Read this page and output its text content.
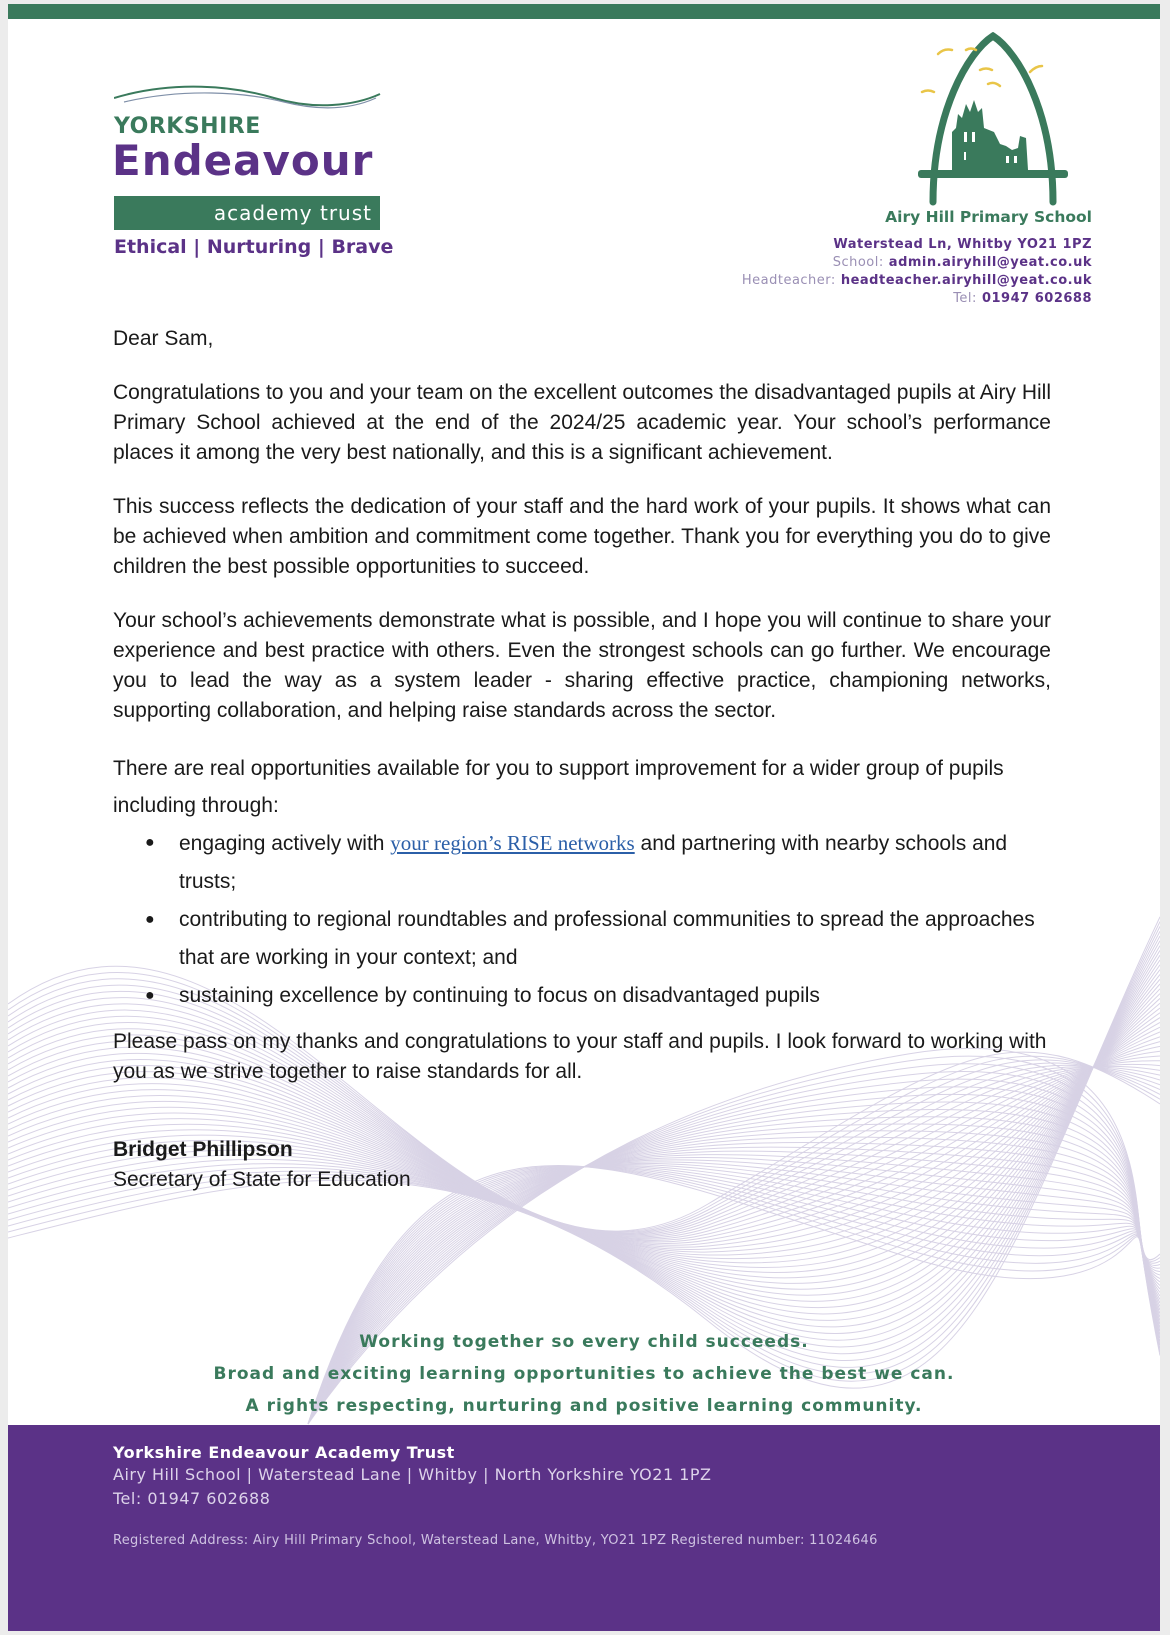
YORKSHIRE
Endeavour
academy trust
Ethical | Nurturing | Brave
Airy Hill Primary School
Waterstead Ln, Whitby YO21 1PZ
School: admin.airyhill@yeat.co.uk
Headteacher: headteacher.airyhill@yeat.co.uk
Tel: 01947 602688

Dear Sam,

Congratulations to you and your team on the excellent outcomes the disadvantaged pupils at Airy Hill Primary School achieved at the end of the 2024/25 academic year. Your school’s performance places it among the very best nationally, and this is a significant achievement.

This success reflects the dedication of your staff and the hard work of your pupils. It shows what can be achieved when ambition and commitment come together. Thank you for everything you do to give children the best possible opportunities to succeed.

Your school’s achievements demonstrate what is possible, and I hope you will continue to share your experience and best practice with others. Even the strongest schools can go further. We encourage you to lead the way as a system leader - sharing effective practice, championing networks, supporting collaboration, and helping raise standards across the sector.

There are real opportunities available for you to support improvement for a wider group of pupils including through:

● engaging actively with your region’s RISE networks and partnering with nearby schools and trusts;
● contributing to regional roundtables and professional communities to spread the approaches that are working in your context; and
● sustaining excellence by continuing to focus on disadvantaged pupils

Please pass on my thanks and congratulations to your staff and pupils. I look forward to working with you as we strive together to raise standards for all.

Bridget Phillipson
Secretary of State for Education
Working together so every child succeeds.
Broad and exciting learning opportunities to achieve the best we can.
A rights respecting, nurturing and positive learning community.
Yorkshire Endeavour Academy Trust
Airy Hill School | Waterstead Lane | Whitby | North Yorkshire YO21 1PZ
Tel: 01947 602688
Registered Address: Airy Hill Primary School, Waterstead Lane, Whitby, YO21 1PZ Registered number: 11024646
